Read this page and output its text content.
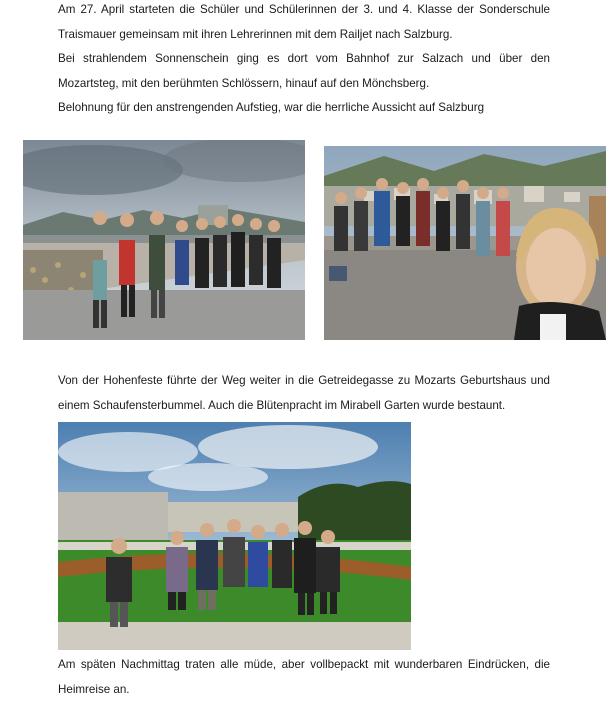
Am 27. April starteten die Schüler und Schülerinnen der 3. und 4. Klasse der Sonderschule

Traismauer gemeinsam mit ihren Lehrerinnen mit dem Railjet nach Salzburg.

Bei strahlendem Sonnenschein ging es dort vom Bahnhof zur Salzach und über den

Mozartsteg, mit den berühmten Schlössern, hinauf auf den Mönchsberg.

Belohnung für den anstrengenden Aufstieg, war die herrliche Aussicht auf Salzburg

Von der Hohenfeste führte der Weg weiter in die Getreidegasse zu Mozarts Geburtshaus und

einem Schaufensterbummel. Auch die Blütenpracht im Mirabell Garten wurde bestaunt.

Am späten Nachmittag traten alle müde, aber vollbepackt mit wunderbaren Eindrücken, die

Heimreise an.
